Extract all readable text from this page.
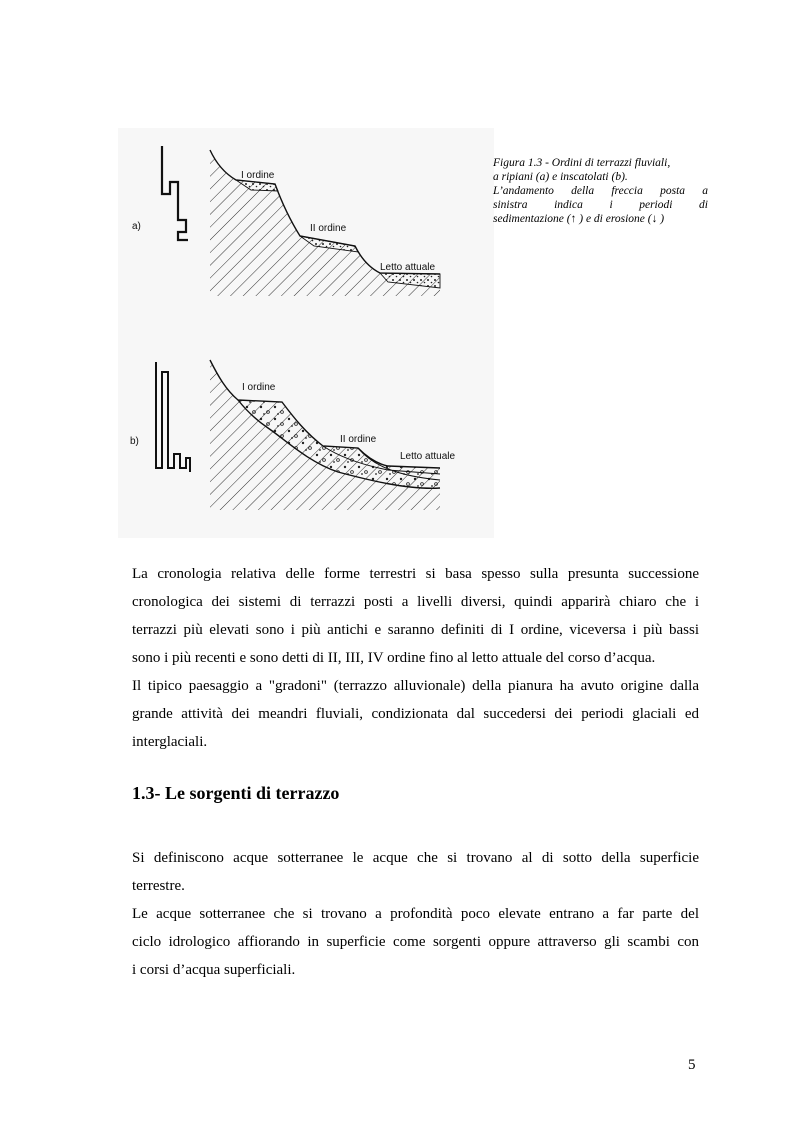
a)
I ordine
II ordine
Letto attuale
b)
I ordine
II ordine
Letto attuale
Figura 1.3 - Ordini di terrazzi fluviali,
a ripiani (a) e inscatolati (b).
L’andamento della freccia posta a
sinistra indica i periodi di
sedimentazione (↑ ) e di erosione (↓ )

La cronologia relativa delle forme terrestri si basa spesso sulla presunta successione
cronologica dei sistemi di terrazzi posti a livelli diversi, quindi apparirà chiaro che i
terrazzi più elevati sono i più antichi e saranno definiti di I ordine, viceversa i più bassi
sono i più recenti e sono detti di II, III, IV ordine fino al letto attuale del corso d’acqua.
Il tipico paesaggio a "gradoni" (terrazzo alluvionale) della pianura ha avuto origine dalla
grande attività dei meandri fluviali, condizionata dal succedersi dei periodi glaciali ed
interglaciali.

1.3- Le sorgenti di terrazzo

Si definiscono acque sotterranee le acque che si trovano al di sotto della superficie
terrestre.
Le acque sotterranee che si trovano a profondità poco elevate entrano a far parte del
ciclo idrologico affiorando in superficie come sorgenti oppure attraverso gli scambi con
i corsi d’acqua superficiali.

5
